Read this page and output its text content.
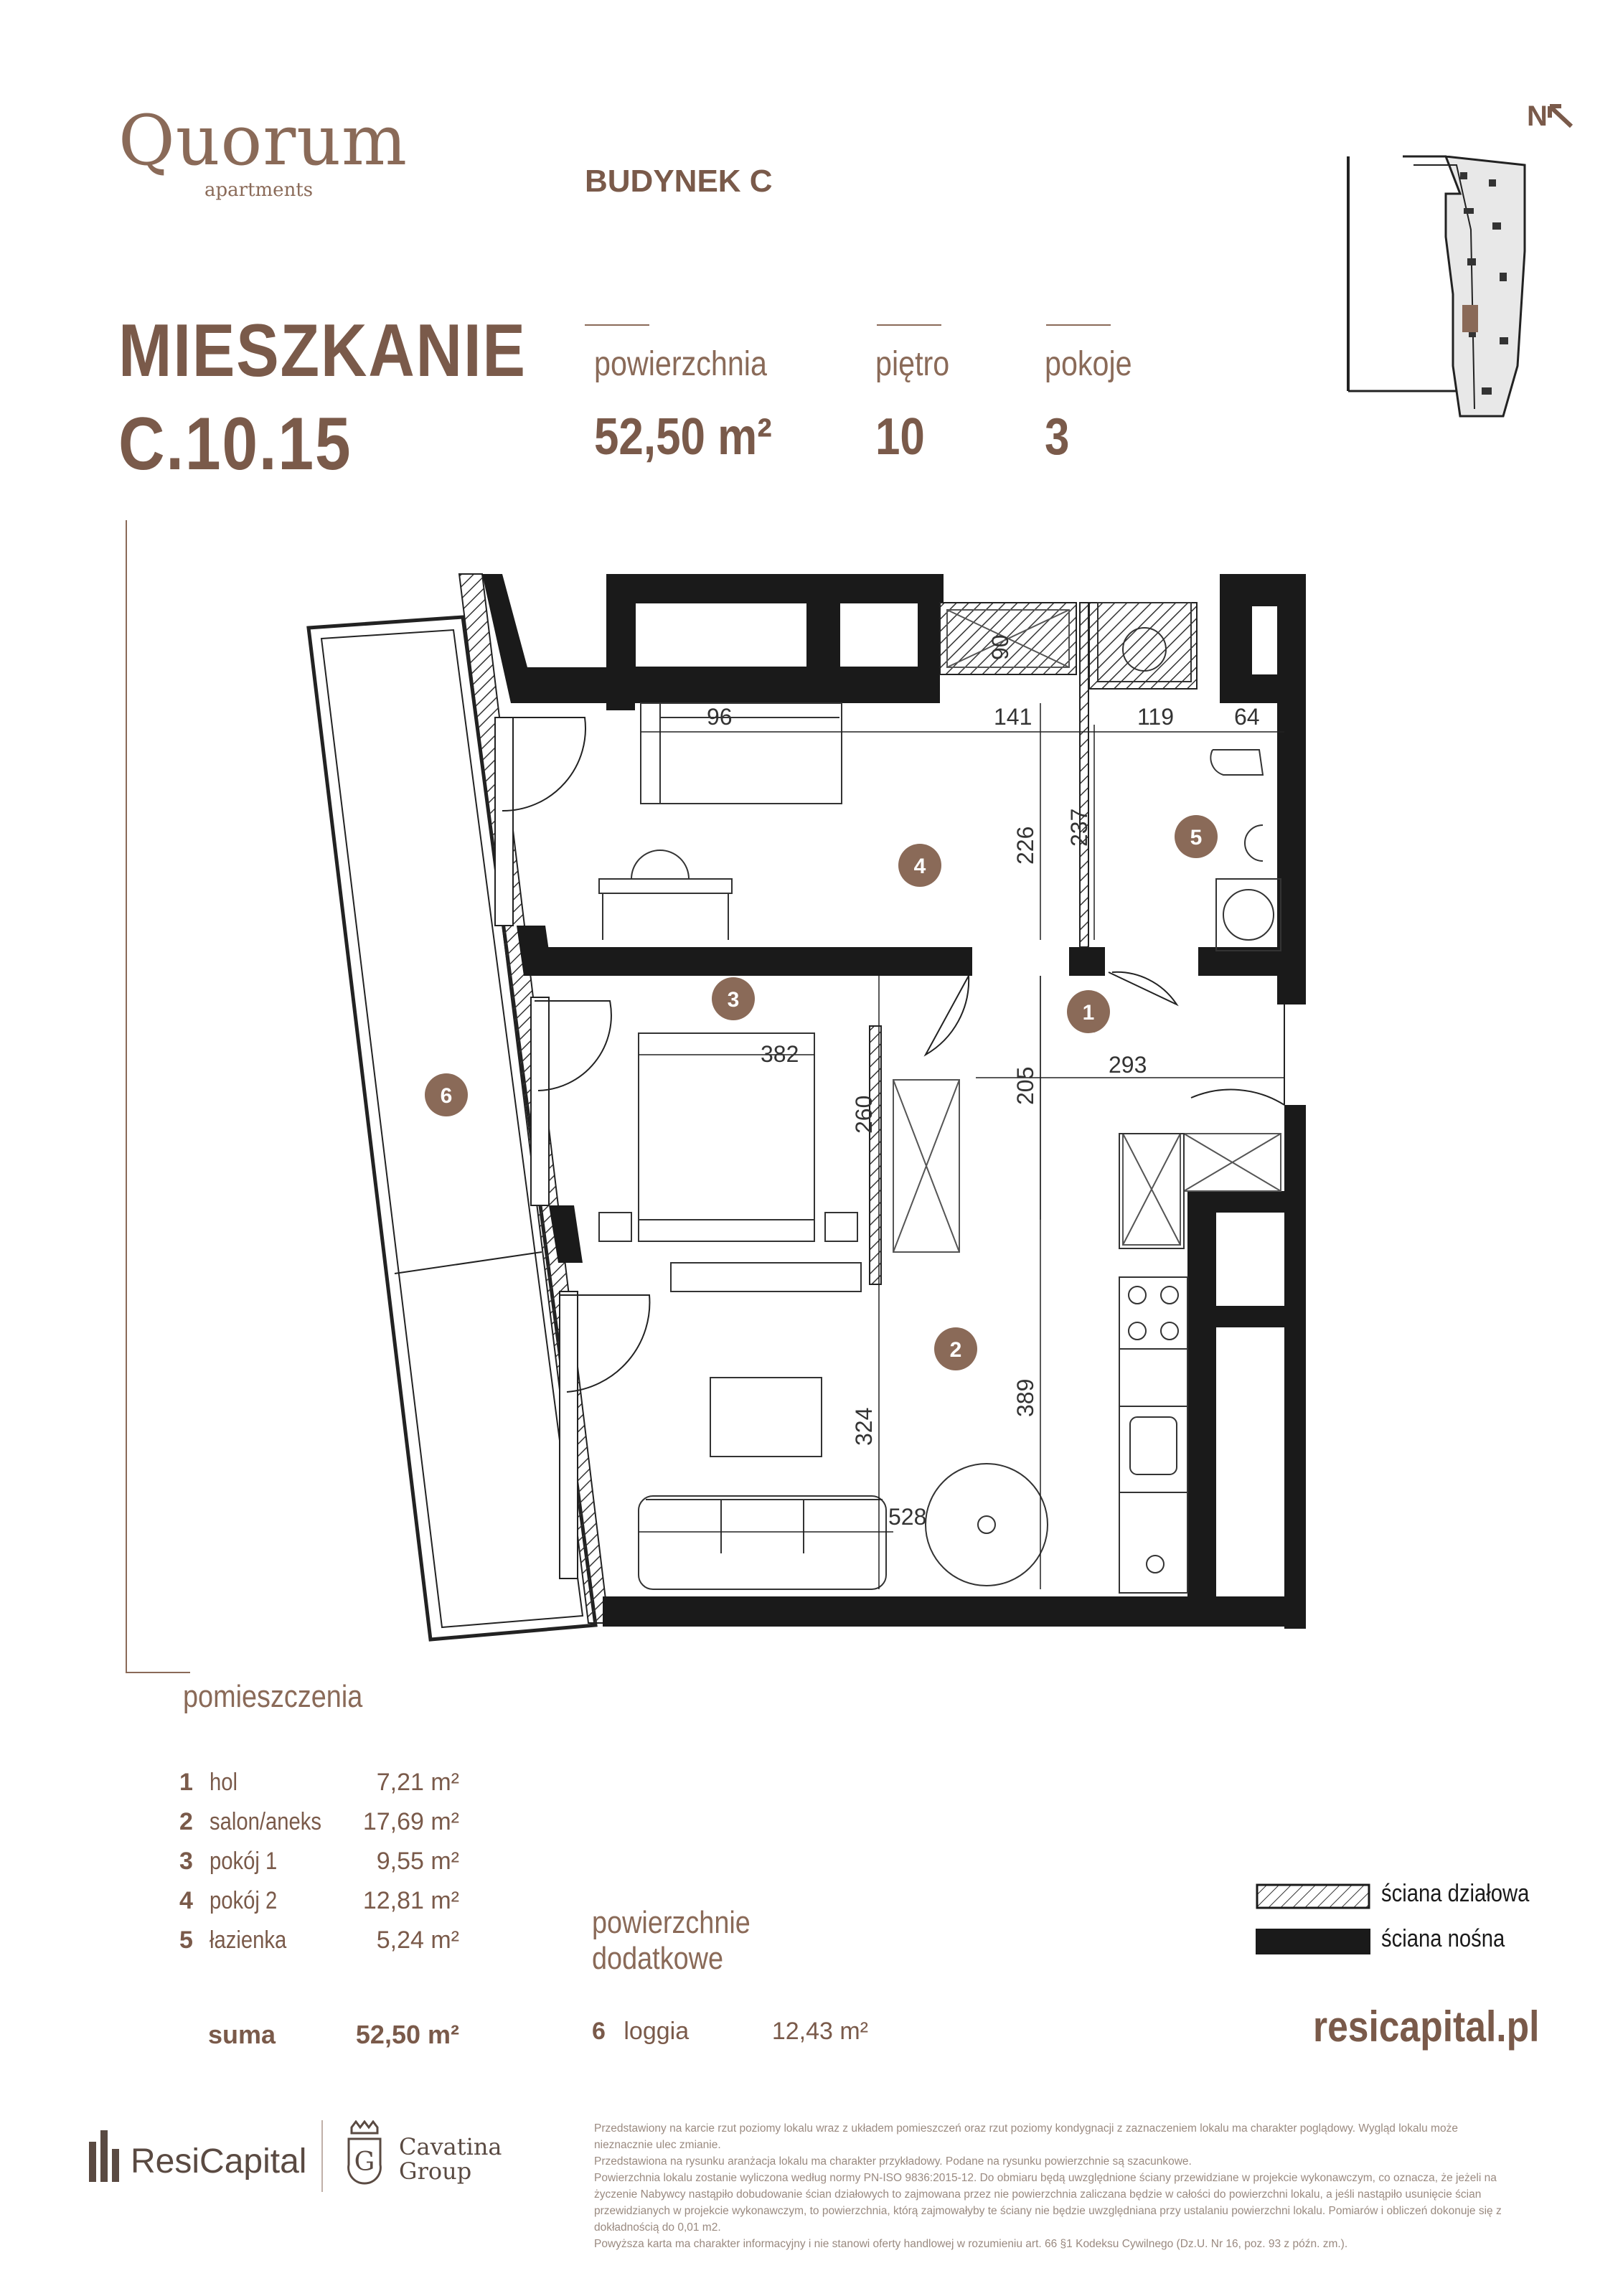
Quorum
apartments	BUDYNEK C
MIESZKANIE
C.10.15
powierzchnia
52,50 m²
piętro
10
pokoje
3
N
90
141	119	64
96
226 237
382	293
260
205
324
389
528
1
2
3
4
5
6
pomieszczenia
1 hol	7,21 m²
2 salon/aneks 17,69 m²
3 pokój 1	9,55 m²
4 pokój 2	12,81 m²
5 łazienka	5,24 m²
suma	52,50 m²
powierzchnie
dodatkowe
6 loggia	12,43 m²
ściana działowa
ściana nośna
resicapital.pl
ResiCapital G
Cavatina
Group

Przedstawiony na karcie rzut poziomy lokalu wraz z układem pomieszczeń oraz rzut poziomy kondygnacji z zaznaczeniem lokalu ma charakter poglądowy. Wygląd lokalu może nieznacznie ulec zmianie.

Przedstawiona na rysunku aranżacja lokalu ma charakter przykładowy. Podane na rysunku powierzchnie są szacunkowe.

Powierzchnia lokalu zostanie wyliczona według normy PN-ISO 9836:2015-12. Do obmiaru będą uwzględnione ściany przewidziane w projekcie wykonawczym, co oznacza, że jeżeli na życzenie Nabywcy nastąpiło dobudowanie ścian działowych to zajmowana przez nie powierzchnia zaliczana będzie w całości do powierzchni lokalu, a jeśli nastąpiło usunięcie ścian przewidzianych w projekcie wykonawczym, to powierzchnia, którą zajmowałyby te ściany nie będzie uwzględniana przy ustalaniu powierzchni lokalu. Pomiarów i obliczeń dokonuje się z dokładnością do 0,01 m2.

Powyższa karta ma charakter informacyjny i nie stanowi oferty handlowej w rozumieniu art. 66 §1 Kodeksu Cywilnego (Dz.U. Nr 16, poz. 93 z późn. zm.).
